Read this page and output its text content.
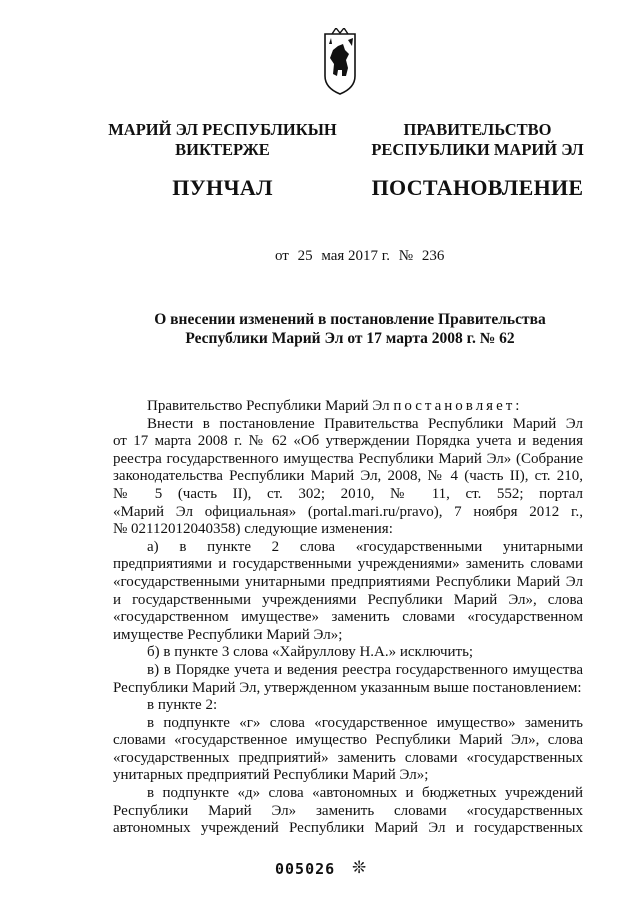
МАРИЙ ЭЛ РЕСПУБЛИКЫН
ВИКТЕРЖЕ
ПУНЧАЛ
ПРАВИТЕЛЬСТВО
РЕСПУБЛИКИ МАРИЙ ЭЛ
ПОСТАНОВЛЕНИЕ
от 25 мая 2017 г. № 236
О внесении изменений в постановление Правительства
Республики Марий Эл от 17 марта 2008 г. № 62
Правительство Республики Марий Эл постановляет:
Внести в постановление Правительства Республики Марий Эл
от 17 марта 2008 г. № 62 «Об утверждении Порядка учета и ведения
реестра государственного имущества Республики Марий Эл» (Собрание
законодательства Республики Марий Эл, 2008, № 4 (часть II), ст. 210,
№ 5 (часть II), ст. 302; 2010, № 11, ст. 552; портал
«Марий Эл официальная» (portal.mari.ru/pravo), 7 ноября 2012 г.,
№ 02112012040358) следующие изменения:
а) в пункте 2 слова «государственными унитарными
предприятиями и государственными учреждениями» заменить словами
«государственными унитарными предприятиями Республики Марий Эл
и государственными учреждениями Республики Марий Эл», слова
«государственном имуществе» заменить словами «государственном
имуществе Республики Марий Эл»;
б) в пункте 3 слова «Хайруллову Н.А.» исключить;
в) в Порядке учета и ведения реестра государственного имущества
Республики Марий Эл, утвержденном указанным выше постановлением:
в пункте 2:
в подпункте «г» слова «государственное имущество» заменить
словами «государственное имущество Республики Марий Эл», слова
«государственных предприятий» заменить словами «государственных
унитарных предприятий Республики Марий Эл»;
в подпункте «д» слова «автономных и бюджетных учреждений
Республики Марий Эл» заменить словами «государственных
автономных учреждений Республики Марий Эл и государственных
005026 ❊
